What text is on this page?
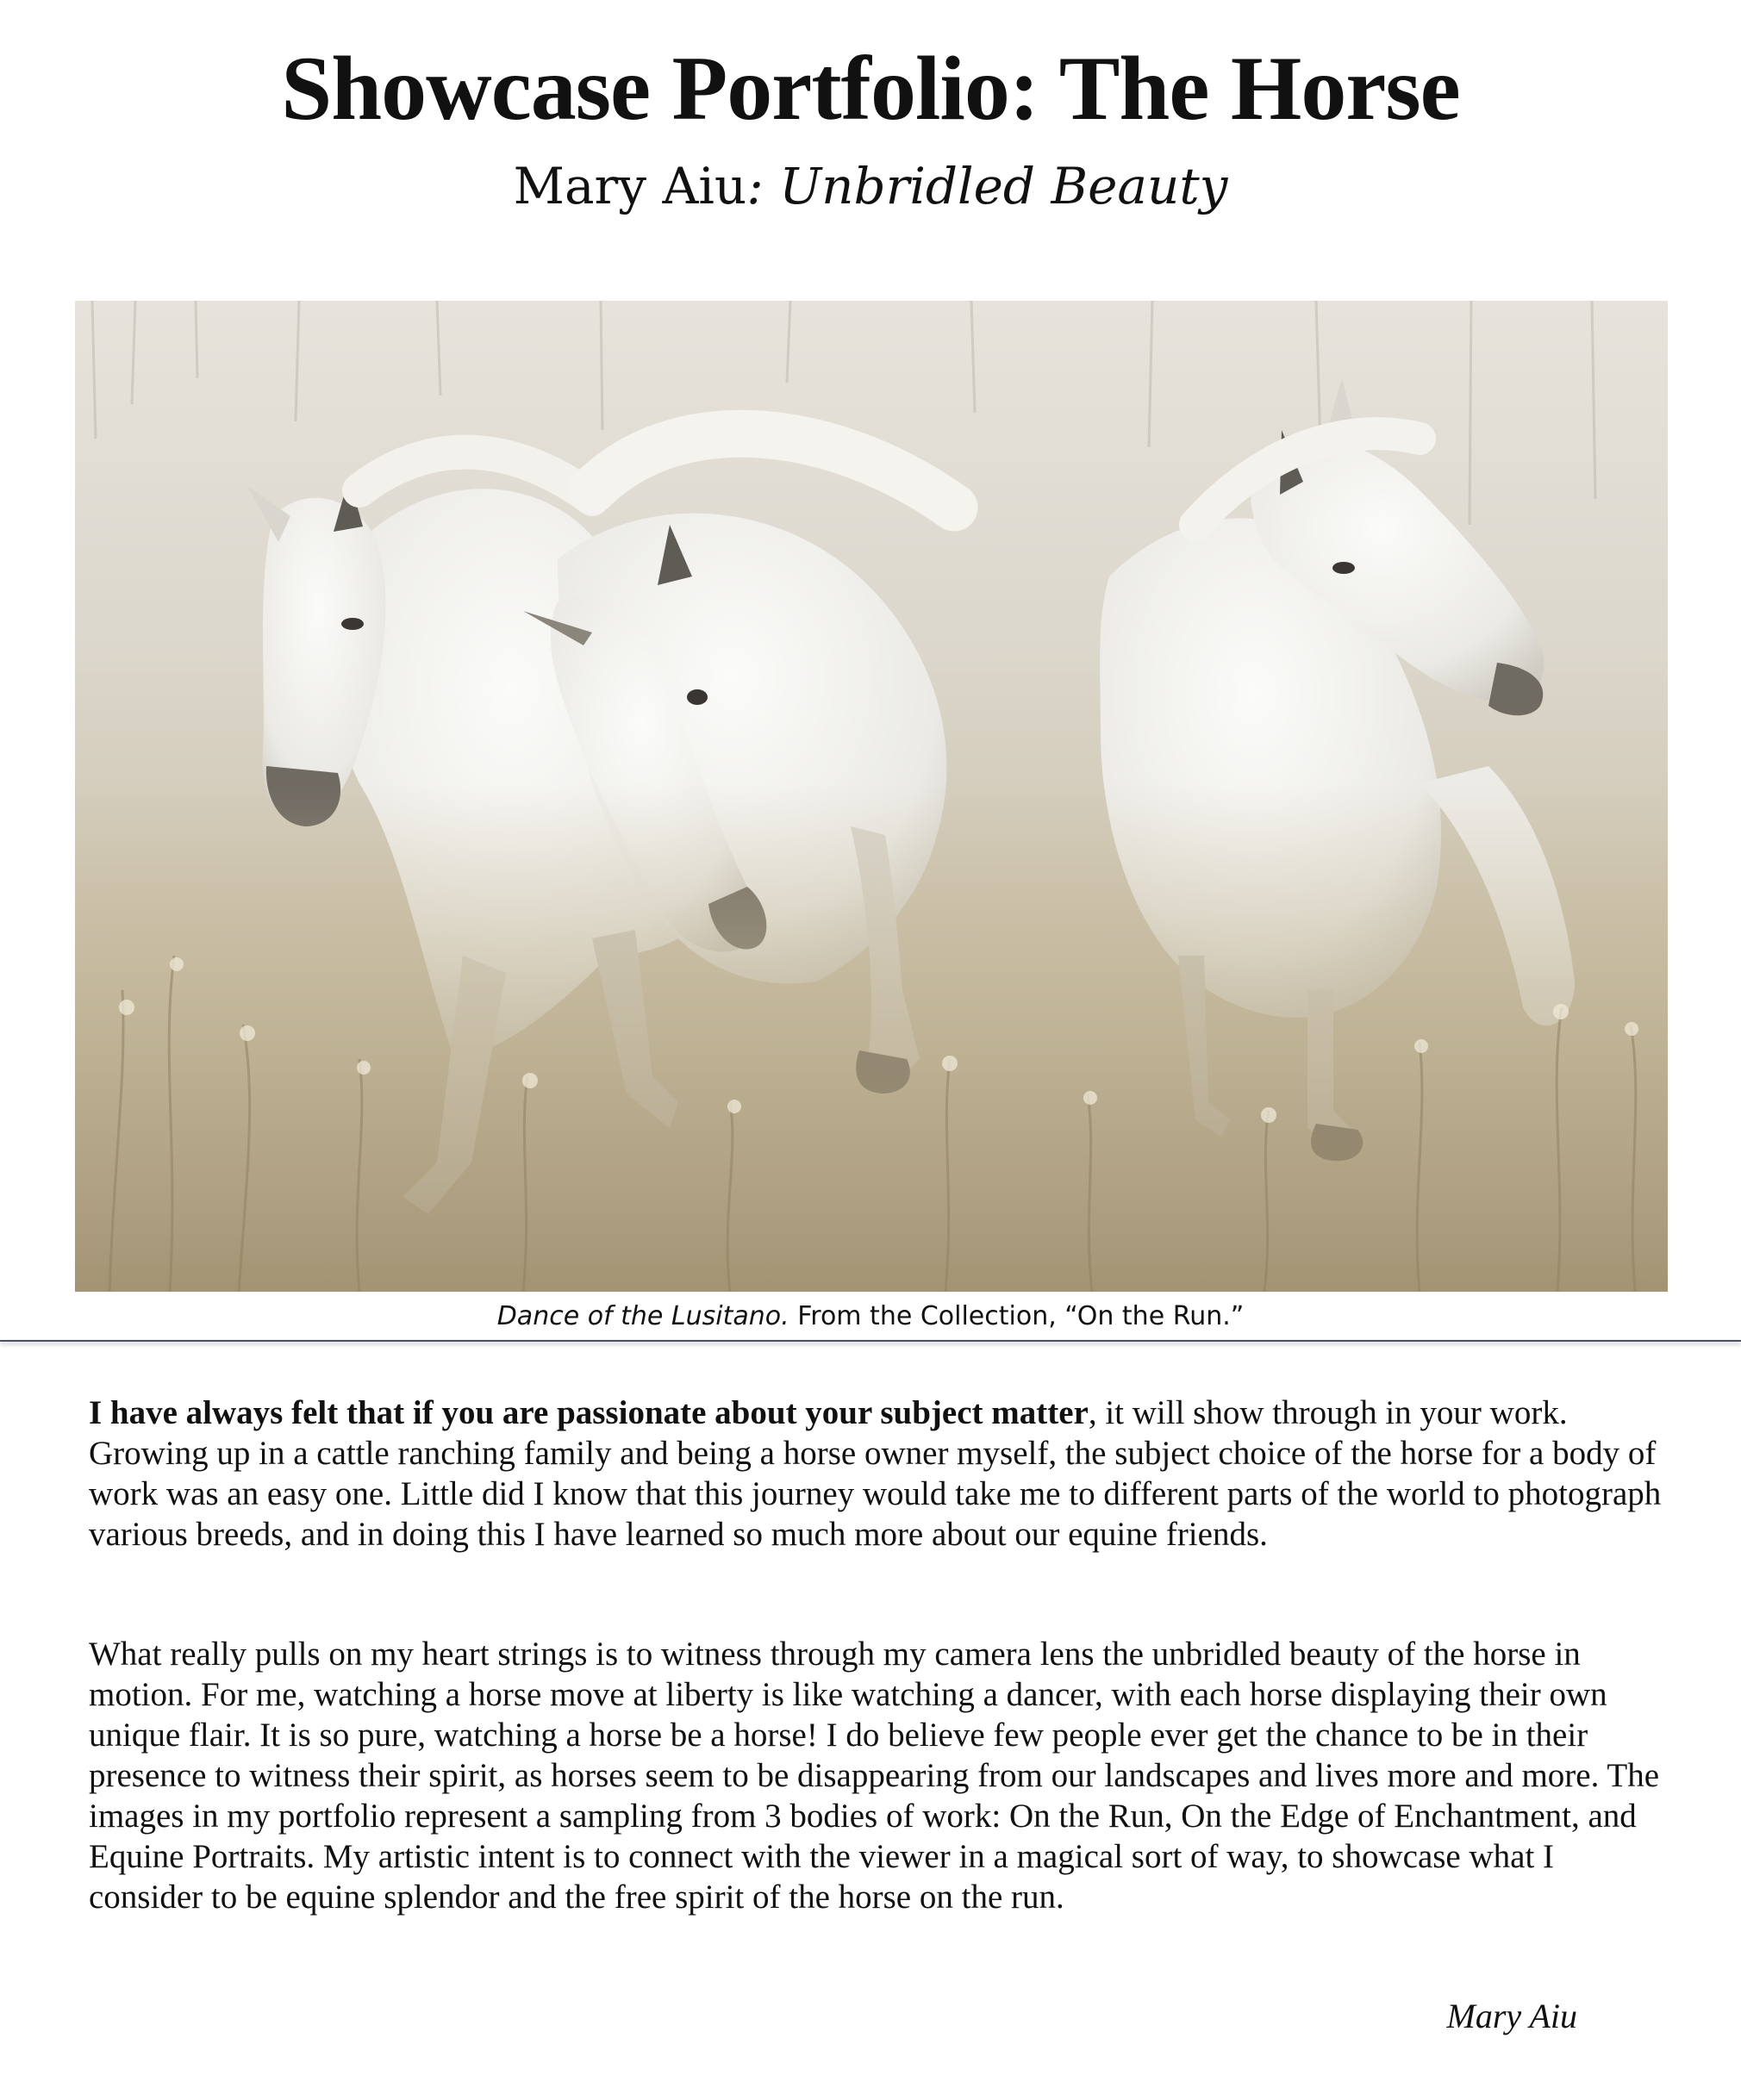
Showcase Portfolio: The Horse
Mary Aiu: Unbridled Beauty
Dance of the Lusitano. From the Collection, “On the Run.”

I have always felt that if you are passionate about your subject matter, it will show through in your work. Growing up in a cattle ranching family and being a horse owner myself, the subject choice of the horse for a body of work was an easy one. Little did I know that this journey would take me to different parts of the world to photograph various breeds, and in doing this I have learned so much more about our equine friends.

What really pulls on my heart strings is to witness through my camera lens the unbridled beauty of the horse in motion. For me, watching a horse move at liberty is like watching a dancer, with each horse displaying their own unique flair. It is so pure, watching a horse be a horse! I do believe few people ever get the chance to be in their presence to witness their spirit, as horses seem to be disappearing from our landscapes and lives more and more. The images in my portfolio represent a sampling from 3 bodies of work: On the Run, On the Edge of Enchantment, and Equine Portraits. My artistic intent is to connect with the viewer in a magical sort of way, to showcase what I consider to be equine splendor and the free spirit of the horse on the run.

Mary Aiu
